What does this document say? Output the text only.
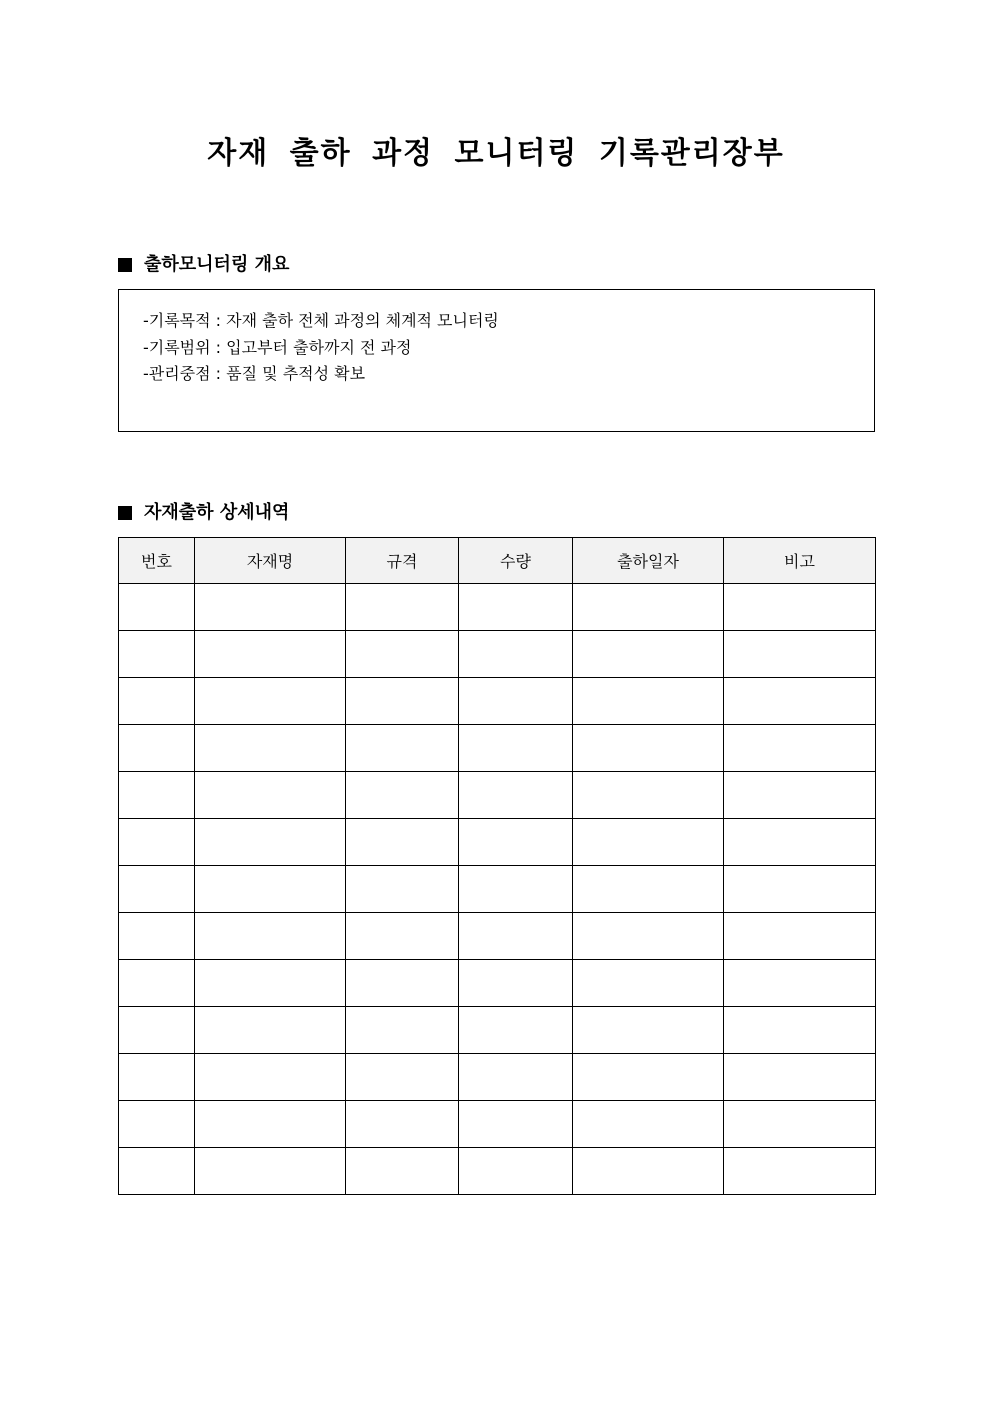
자재 출하 과정 모니터링 기록관리장부
출하모니터링 개요
-기록목적 : 자재 출하 전체 과정의 체계적 모니터링
-기록범위 : 입고부터 출하까지 전 과정
-관리중점 : 품질 및 추적성 확보
자재출하 상세내역
번호	자재명	규격	수량	출하일자	비고
